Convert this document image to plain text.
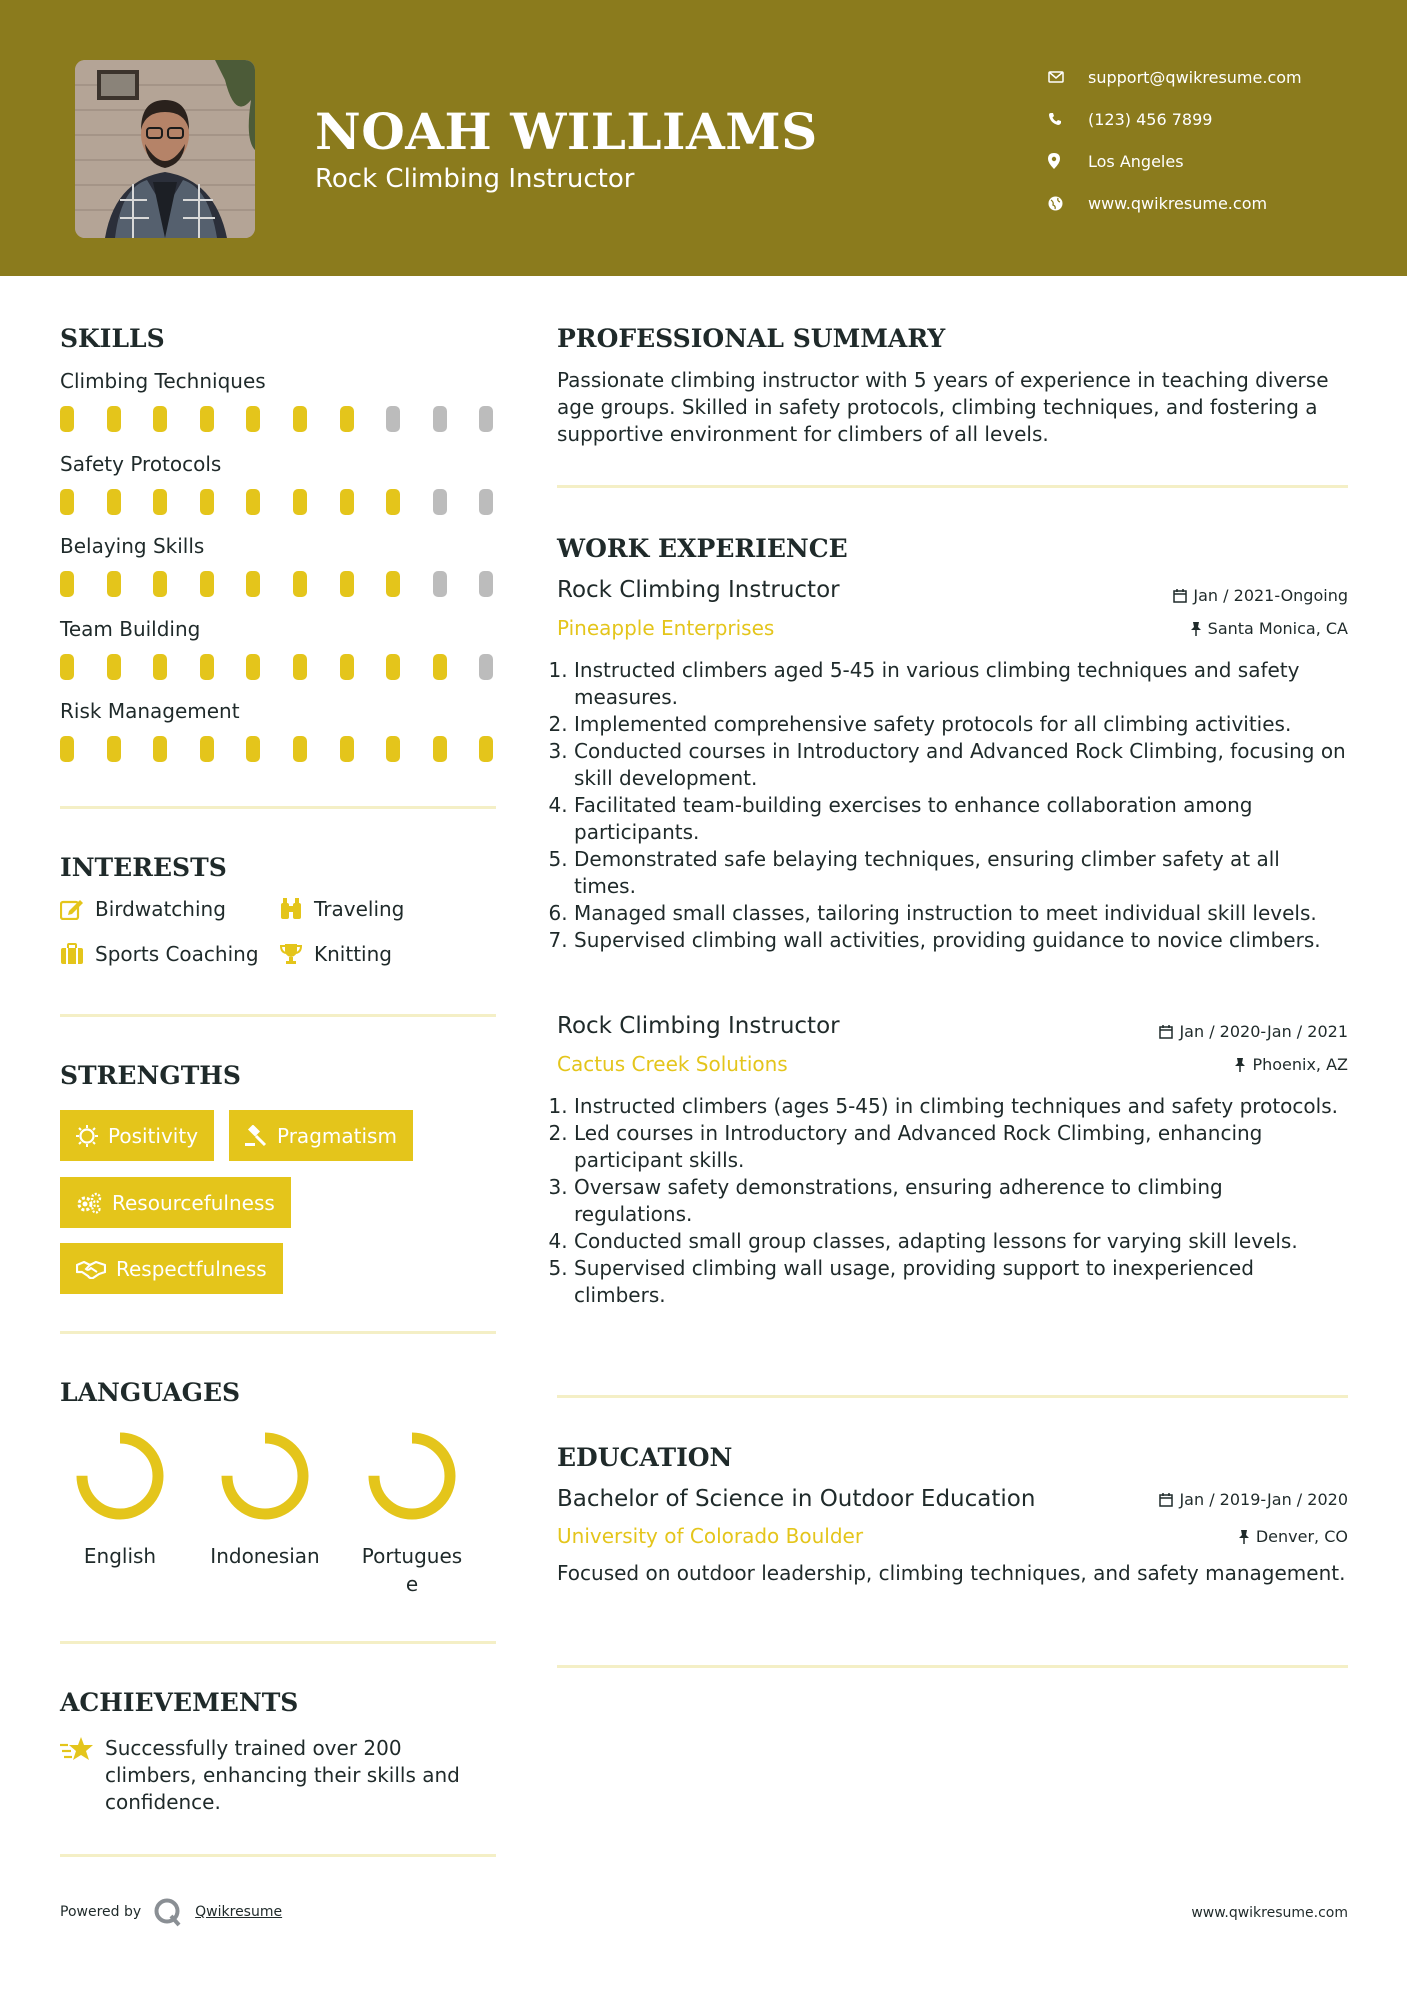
NOAH WILLIAMS
Rock Climbing Instructor
support@qwikresume.com
(123) 456 7899
Los Angeles
www.qwikresume.com
SKILLS
Climbing Techniques
Safety Protocols
Belaying Skills
Team Building
Risk Management
INTERESTS
Birdwatching	Traveling
Sports Coaching	Knitting
STRENGTHS
Positivity	Pragmatism
Resourcefulness
Respectfulness
LANGUAGES
English	Indonesian	Portugues
e
ACHIEVEMENTS
Successfully trained over 200 climbers, enhancing their skills and confidence.
PROFESSIONAL SUMMARY
Passionate climbing instructor with 5 years of experience in teaching diverse age groups. Skilled in safety protocols, climbing techniques, and fostering a supportive environment for climbers of all levels.
WORK EXPERIENCE
Rock Climbing Instructor	Jan / 2021-Ongoing
Pineapple Enterprises	Santa Monica, CA
1. Instructed climbers aged 5-45 in various climbing techniques and safety measures.
2. Implemented comprehensive safety protocols for all climbing activities.
3. Conducted courses in Introductory and Advanced Rock Climbing, focusing on skill development.
4. Facilitated team-building exercises to enhance collaboration among participants.
5. Demonstrated safe belaying techniques, ensuring climber safety at all times.
6. Managed small classes, tailoring instruction to meet individual skill levels.
7. Supervised climbing wall activities, providing guidance to novice climbers.
Rock Climbing Instructor	Jan / 2020-Jan / 2021
Cactus Creek Solutions	Phoenix, AZ
1. Instructed climbers (ages 5-45) in climbing techniques and safety protocols.
2. Led courses in Introductory and Advanced Rock Climbing, enhancing participant skills.
3. Oversaw safety demonstrations, ensuring adherence to climbing regulations.
4. Conducted small group classes, adapting lessons for varying skill levels.
5. Supervised climbing wall usage, providing support to inexperienced climbers.
EDUCATION
Bachelor of Science in Outdoor Education	Jan / 2019-Jan / 2020
University of Colorado Boulder	Denver, CO
Focused on outdoor leadership, climbing techniques, and safety management.
Powered by	Qwikresume	www.qwikresume.com
